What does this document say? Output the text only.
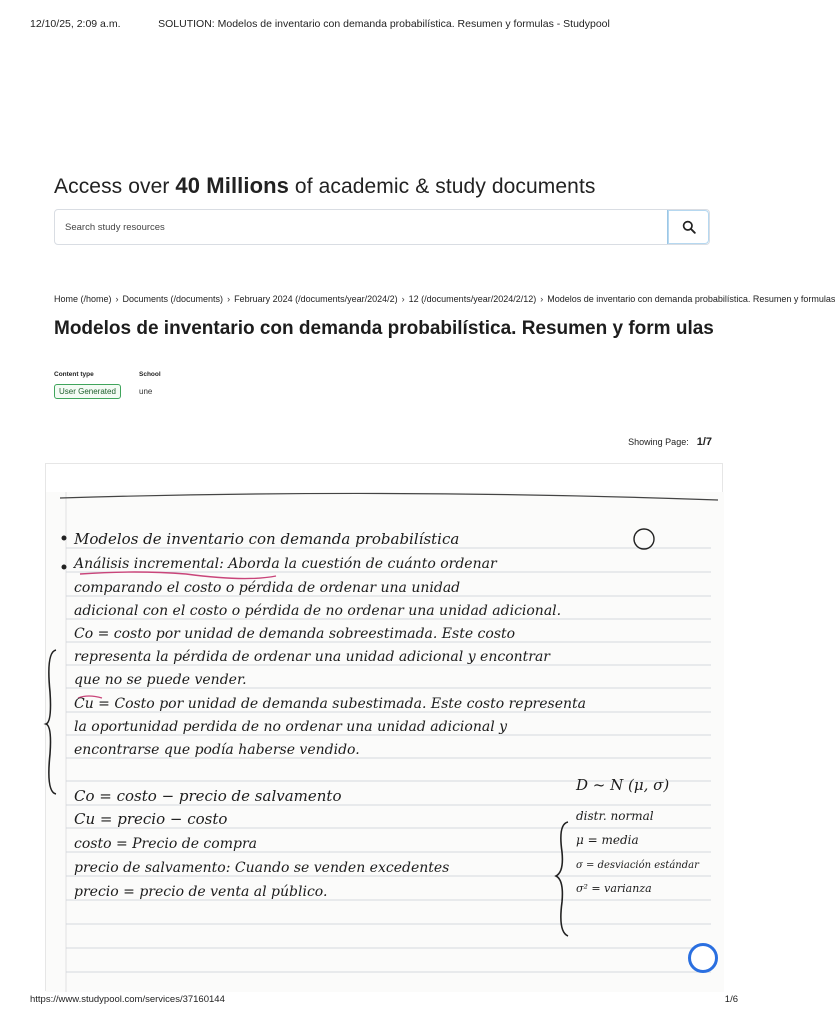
12/10/25, 2:09 a.m.	SOLUTION: Modelos de inventario con demanda probabilística. Resumen y formulas - Studypool
Access over 40 Millions of academic & study documents
Search study resources
Home (/home) › Documents (/documents) › February 2024 (/documents/year/2024/2) › 12 (/documents/year/2024/2/12) › Modelos de inventario con demanda probabilística. Resumen y formulas
Modelos de inventario con demanda probabilística. Resumen y form ulas
Content type	School
User Generated	une
Showing Page: 1/7
Modelos de inventario con demanda probabilística
Análisis incremental: Aborda la cuestión de cuánto ordenar
comparando el costo o pérdida de ordenar una unidad
adicional con el costo o pérdida de no ordenar una unidad adicional.
Co = costo por unidad de demanda sobreestimada. Este costo
representa la pérdida de ordenar una unidad adicional y encontrar
que no se puede vender.
Cu = Costo por unidad de demanda subestimada. Este costo representa
la oportunidad perdida de no ordenar una unidad adicional y
encontrarse que podía haberse vendido.
Co = costo − precio de salvamento
Cu = precio − costo
costo = Precio de compra
precio de salvamento: Cuando se venden excedentes
precio = precio de venta al público.
D ~ N (μ, σ)
distr. normal
μ = media
σ = desviación estándar
σ² = varianza
https://www.studypool.com/services/37160144	1/6
